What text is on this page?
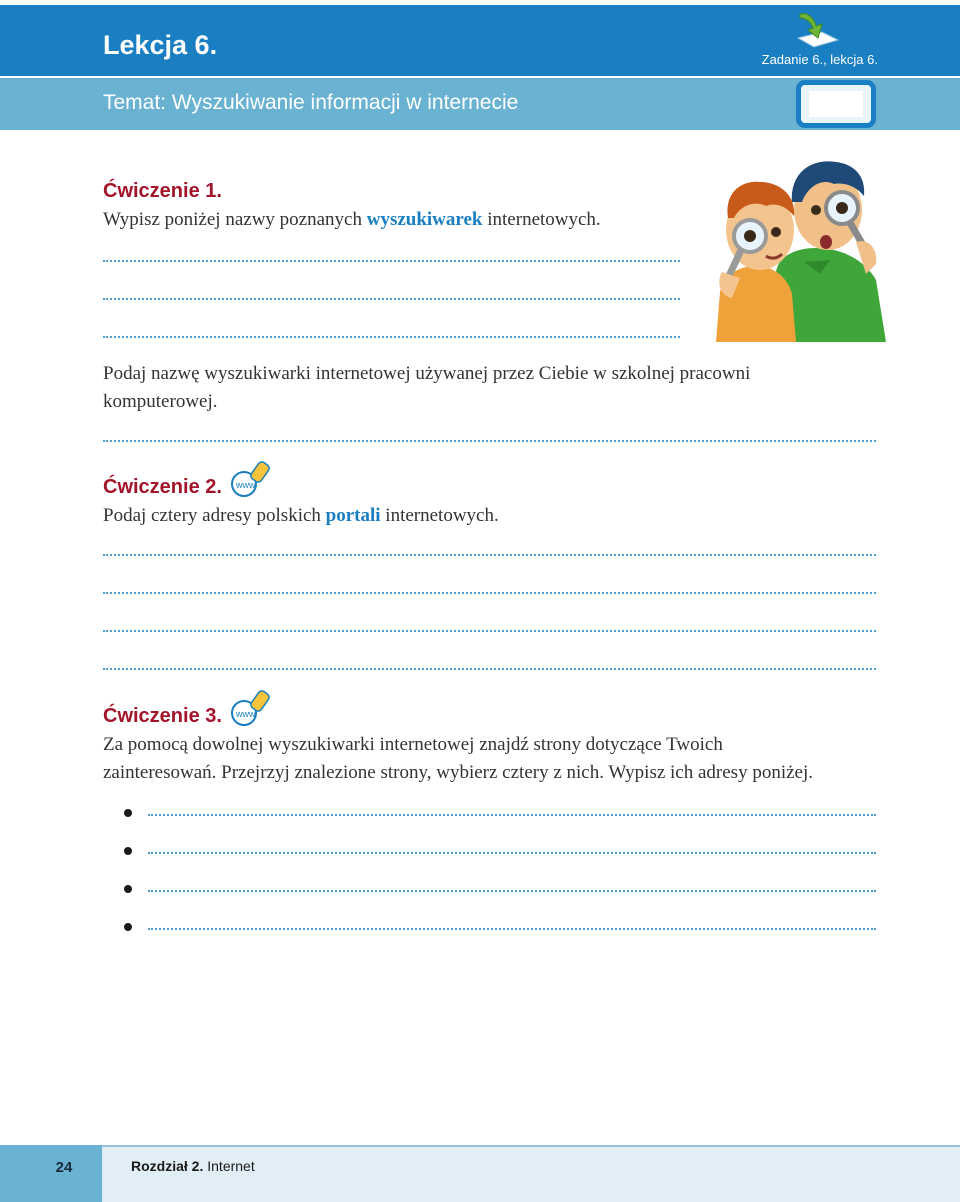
Lekcja 6.	Zadanie 6., lekcja 6.
Temat: Wyszukiwanie informacji w internecie
Ćwiczenie 1.
Wypisz poniżej nazwy poznanych wyszukiwarek internetowych.
Podaj nazwę wyszukiwarki internetowej używanej przez Ciebie w szkolnej pracowni
komputerowej.
Ćwiczenie 2. www
Podaj cztery adresy polskich portali internetowych.
Ćwiczenie 3. www
Za pomocą dowolnej wyszukiwarki internetowej znajdź strony dotyczące Twoich
zainteresowań. Przejrzyj znalezione strony, wybierz cztery z nich. Wypisz ich adresy poniżej.
24	Rozdział 2. Internet
